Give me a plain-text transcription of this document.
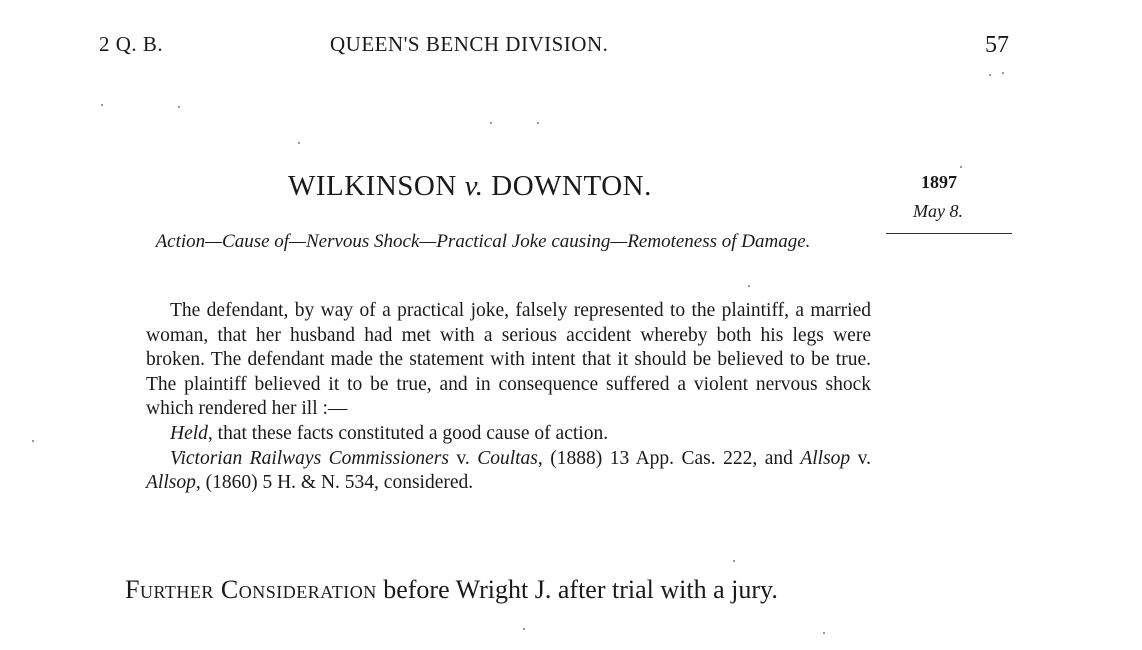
2 Q. B.	QUEEN'S BENCH DIVISION.	57
WILKINSON v. DOWNTON.	1897
May 8.
Action—Cause of—Nervous Shock—Practical Joke causing—Remoteness of Damage.

The defendant, by way of a practical joke, falsely represented to the plaintiff, a married woman, that her husband had met with a serious accident whereby both his legs were broken. The defendant made the statement with intent that it should be believed to be true. The plaintiff believed it to be true, and in consequence suffered a violent nervous shock which rendered her ill :—

Held, that these facts constituted a good cause of action.

Victorian Railways Commissioners v. Coultas, (1888) 13 App. Cas. 222, and Allsop v. Allsop, (1860) 5 H. & N. 534, considered.

Further Consideration before Wright J. after trial with a jury.
